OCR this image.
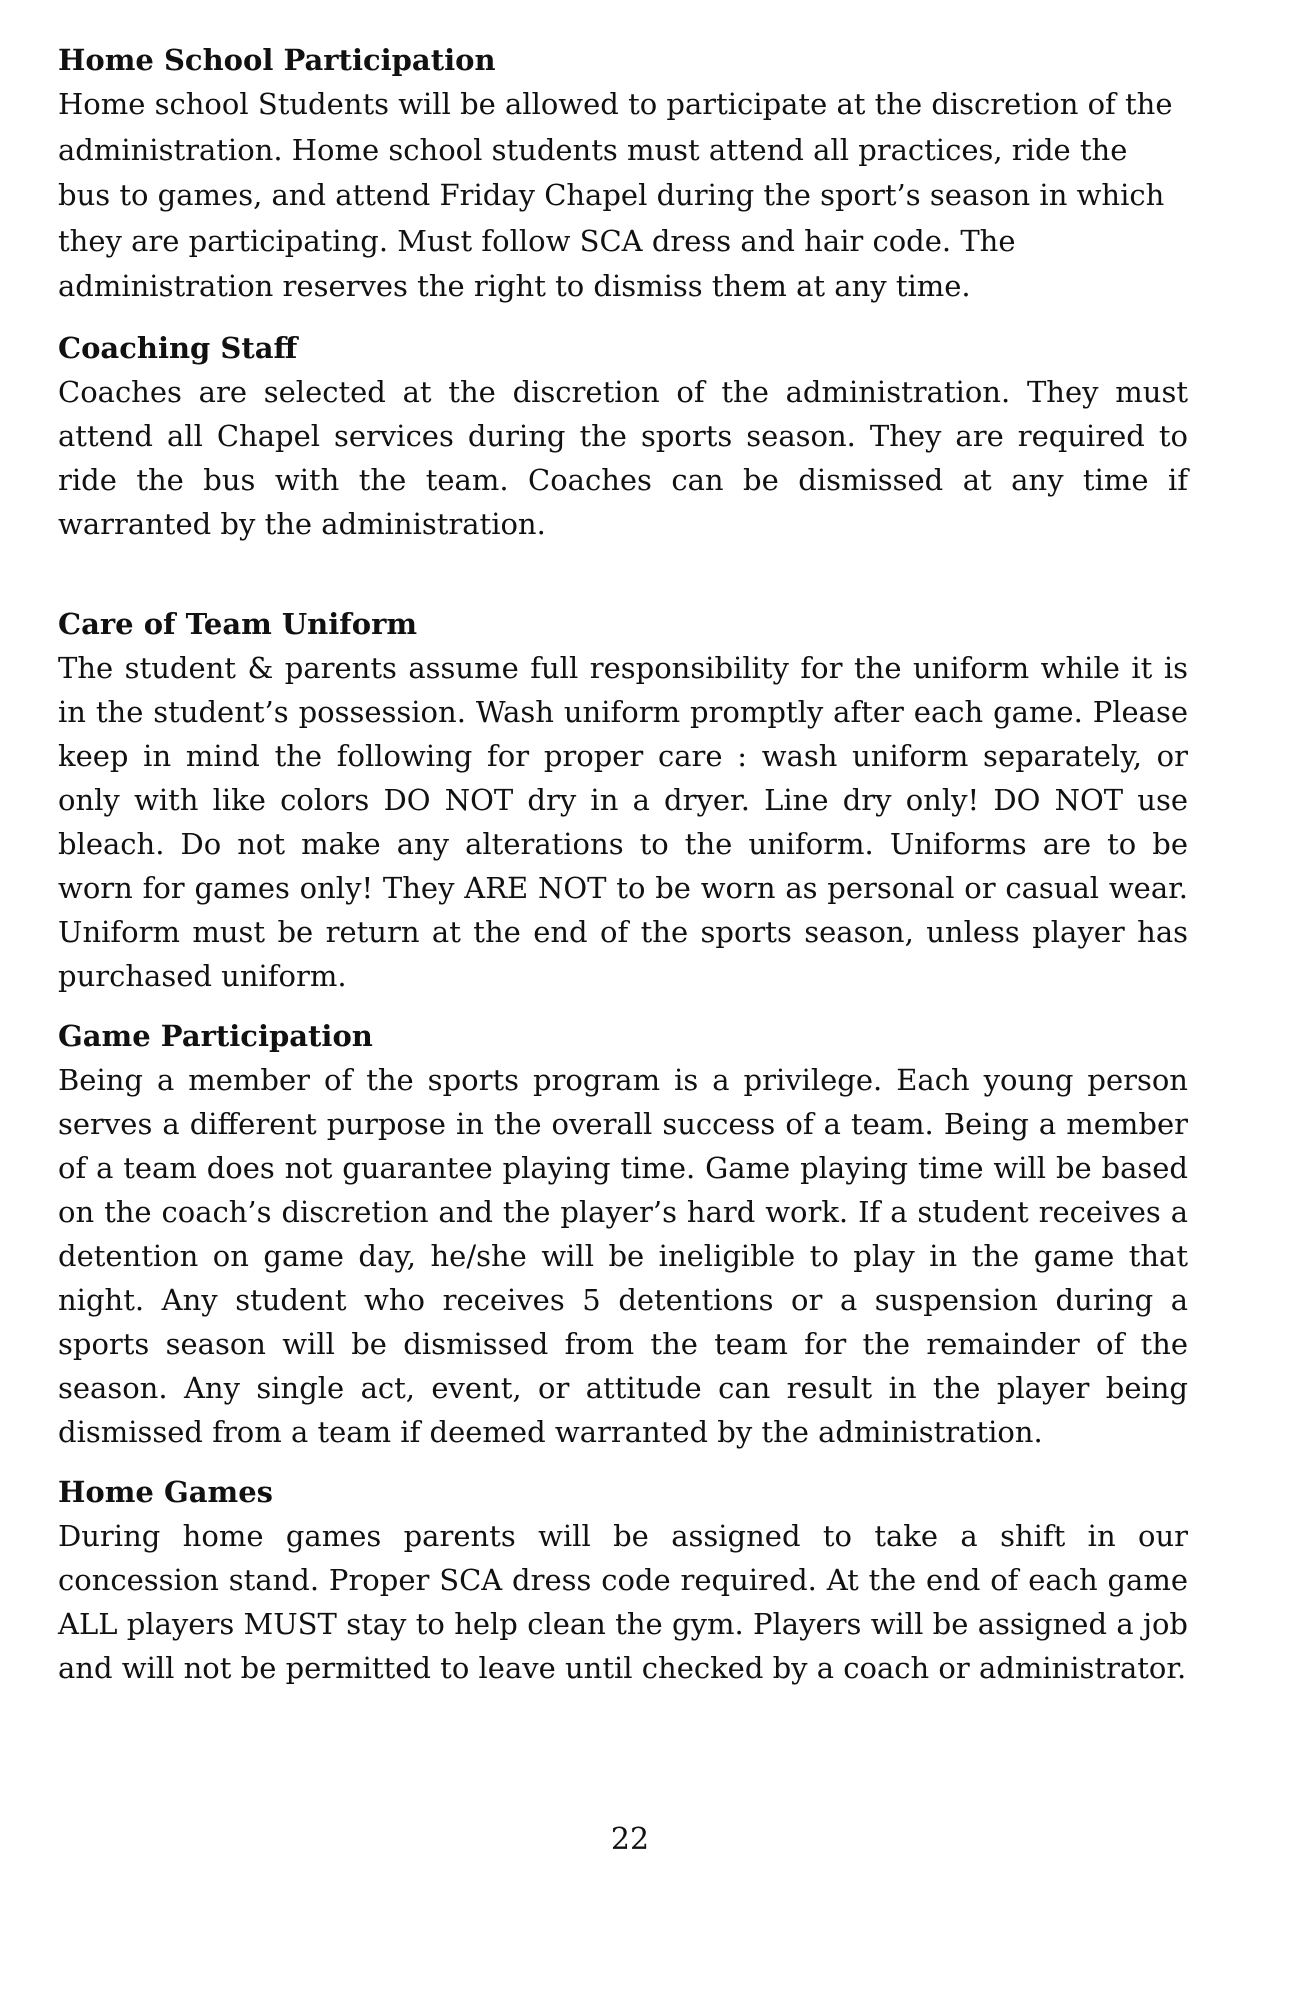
Home School Participation

Home school Students will be allowed to participate at the discretion of the administration. Home school students must attend all practices, ride the bus to games, and attend Friday Chapel during the sport’s season in which they are participating. Must follow SCA dress and hair code. The administration reserves the right to dismiss them at any time.

Coaching Staff

Coaches are selected at the discretion of the administration. They must attend all Chapel services during the sports season. They are required to ride the bus with the team. Coaches can be dismissed at any time if warranted by the administration.

Care of Team Uniform

The student & parents assume full responsibility for the uniform while it is in the student’s possession. Wash uniform promptly after each game. Please keep in mind the following for proper care : wash uniform separately, or only with like colors DO NOT dry in a dryer. Line dry only! DO NOT use bleach. Do not make any alterations to the uniform. Uniforms are to be worn for games only! They ARE NOT to be worn as personal or casual wear. Uniform must be return at the end of the sports season, unless player has purchased uniform.

Game Participation

Being a member of the sports program is a privilege. Each young person serves a different purpose in the overall success of a team. Being a member of a team does not guarantee playing time. Game playing time will be based on the coach’s discretion and the player’s hard work. If a student receives a detention on game day, he/she will be ineligible to play in the game that night. Any student who receives 5 detentions or a suspension during a sports season will be dismissed from the team for the remainder of the season. Any single act, event, or attitude can result in the player being dismissed from a team if deemed warranted by the administration.

Home Games

During home games parents will be assigned to take a shift in our concession stand. Proper SCA dress code required. At the end of each game ALL players MUST stay to help clean the gym. Players will be assigned a job and will not be permitted to leave until checked by a coach or administrator.

22
